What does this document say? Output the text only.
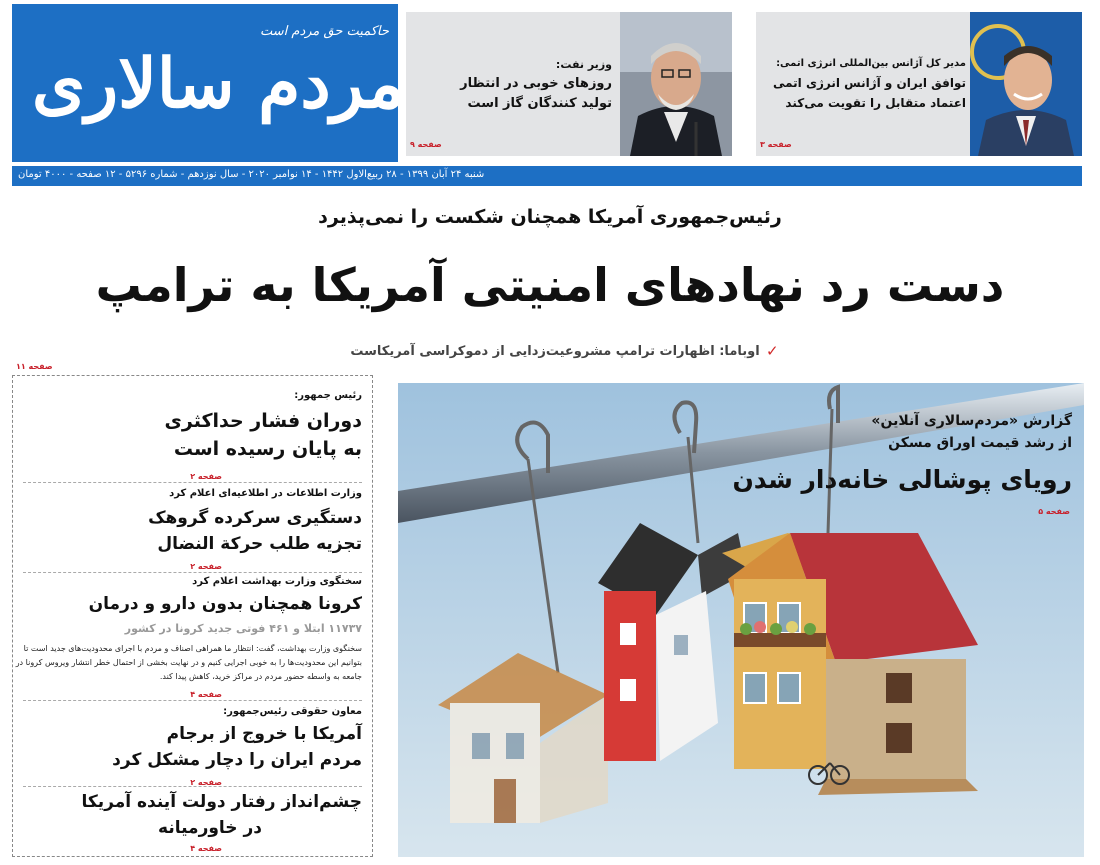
حاکمیت حق مردم است
مردم سالاری	وزیر نفت:
روزهای خوبی در انتظار
تولید کنندگان گاز است
صفحه ۹
مدیر کل آژانس بین‌المللی انرژی اتمی:
توافق ایران و آژانس انرژی اتمی
اعتماد متقابل را تقویت می‌کند
صفحه ۳
شنبه ۲۴ آبان ۱۳۹۹ - ۲۸ ربیع‌الاول ۱۴۴۲ - ۱۴ نوامبر ۲۰۲۰ - سال نوزدهم - شماره ۵۲۹۶ - ۱۲ صفحه - ۴۰۰۰ تومان
رئیس‌جمهوری آمریکا همچنان شکست را نمی‌پذیرد
دست رد نهادهای امنیتی آمریکا به ترامپ
✓
اوباما: اظهارات ترامپ مشروعیت‌زدایی از دموکراسی آمریکاست
صفحه ۱۱
رئیس جمهور:
دوران فشار حداکثری
به پایان رسیده است
صفحه ۲
وزارت اطلاعات در اطلاعیه‌ای اعلام کرد
دستگیری سرکرده گروهک
تجزیه طلب حرکة النضال
صفحه ۲
سخنگوی وزارت بهداشت اعلام کرد
کرونا همچنان بدون دارو و درمان
۱۱۷۳۷ ابتلا و ۴۶۱ فوتی جدید کرونا در کشور
سخنگوی وزارت بهداشت، گفت: انتظار ما همراهی اصناف و مردم با اجرای محدودیت‌های جدید است تا
بتوانیم این محدودیت‌ها را به خوبی اجرایی کنیم و در نهایت بخشی از احتمال خطر انتشار ویروس کرونا در
جامعه به واسطه حضور مردم در مراکز خرید، کاهش پیدا کند.
صفحه ۴
معاون حقوقی رئیس‌جمهور:
آمریکا با خروج از برجام
مردم ایران را دچار مشکل کرد
صفحه ۲
چشم‌انداز رفتار دولت آینده آمریکا
در خاورمیانه
صفحه ۴
گزارش «مردم‌سالاری آنلاین»
از رشد قیمت اوراق مسکن
رویای پوشالی خانه‌دار شدن
صفحه ۵
